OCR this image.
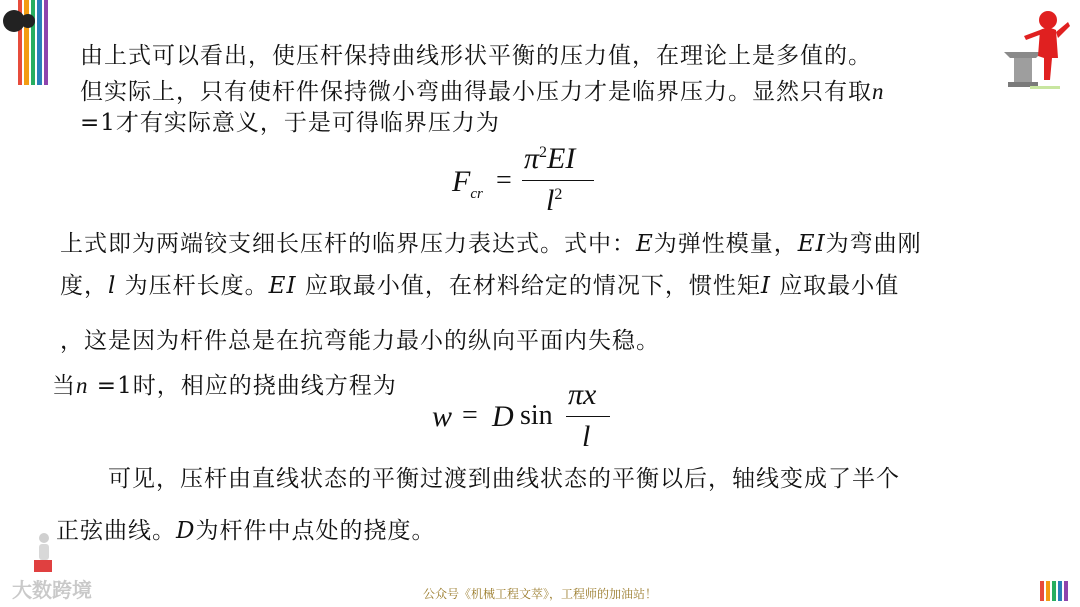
由上式可以看出，使压杆保持曲线形状平衡的压力值，在理论上是多值的。
但实际上，只有使杆件保持微小弯曲得最小压力才是临界压力。显然只有取n
=1才有实际意义，于是可得临界压力为
$F_{cr}$ =
$\pi^2EI$
$l^2$
上式即为两端铰支细长压杆的临界压力表达式。式中：E为弹性模量，EI为弯曲刚
度，l 为压杆长度。EI 应取最小值，在材料给定的情况下，惯性矩I 应取最小值
，这是因为杆件总是在抗弯能力最小的纵向平面内失稳。
当n =1时，相应的挠曲线方程为
w = D sin
πx
l
可见，压杆由直线状态的平衡过渡到曲线状态的平衡以后，轴线变成了半个
正弦曲线。D为杆件中点处的挠度。
大数跨境	公众号《机械工程文萃》，工程师的加油站！
